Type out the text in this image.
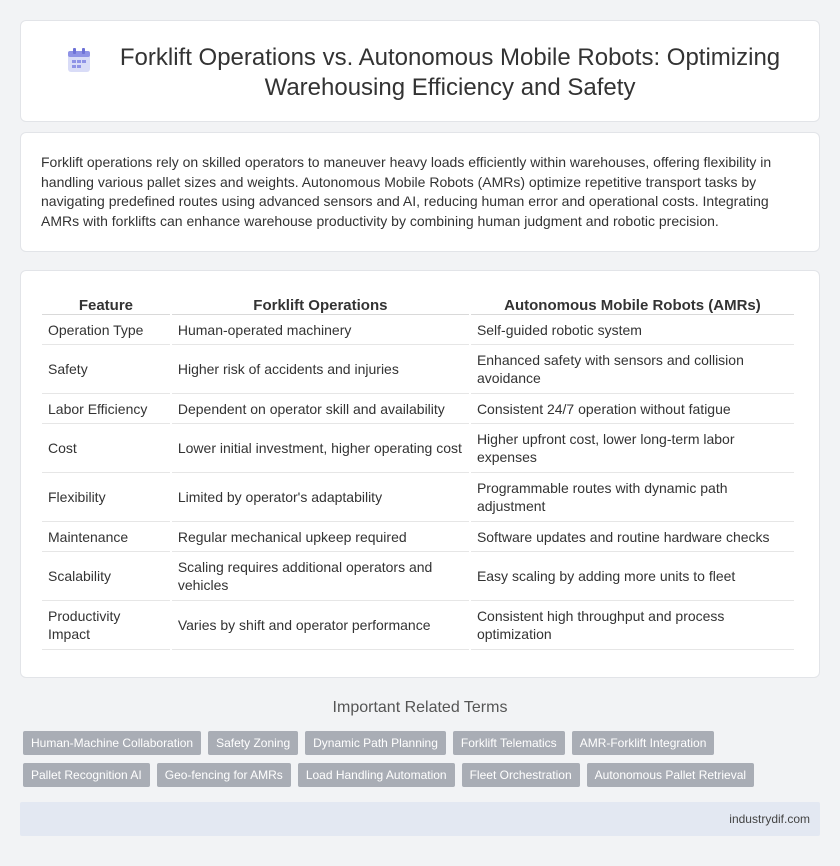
Forklift Operations vs. Autonomous Mobile Robots: Optimizing Warehousing Efficiency and Safety

Forklift operations rely on skilled operators to maneuver heavy loads efficiently within warehouses, offering flexibility in handling various pallet sizes and weights. Autonomous Mobile Robots (AMRs) optimize repetitive transport tasks by navigating predefined routes using advanced sensors and AI, reducing human error and operational costs. Integrating AMRs with forklifts can enhance warehouse productivity by combining human judgment and robotic precision.

Feature	Forklift Operations	Autonomous Mobile Robots (AMRs)
Operation Type	Human-operated machinery	Self-guided robotic system
Safety	Higher risk of accidents and injuries	Enhanced safety with sensors and collision avoidance
Labor Efficiency	Dependent on operator skill and availability	Consistent 24/7 operation without fatigue
Cost	Lower initial investment, higher operating cost	Higher upfront cost, lower long-term labor expenses
Flexibility	Limited by operator's adaptability	Programmable routes with dynamic path adjustment
Maintenance	Regular mechanical upkeep required	Software updates and routine hardware checks
Scalability	Scaling requires additional operators and vehicles	Easy scaling by adding more units to fleet
Productivity Impact	Varies by shift and operator performance	Consistent high throughput and process optimization
Important Related Terms
Human-Machine Collaboration	Safety Zoning	Dynamic Path Planning	Forklift Telematics	AMR-Forklift Integration
Pallet Recognition AI	Geo-fencing for AMRs	Load Handling Automation	Fleet Orchestration	Autonomous Pallet Retrieval
industrydif.com
